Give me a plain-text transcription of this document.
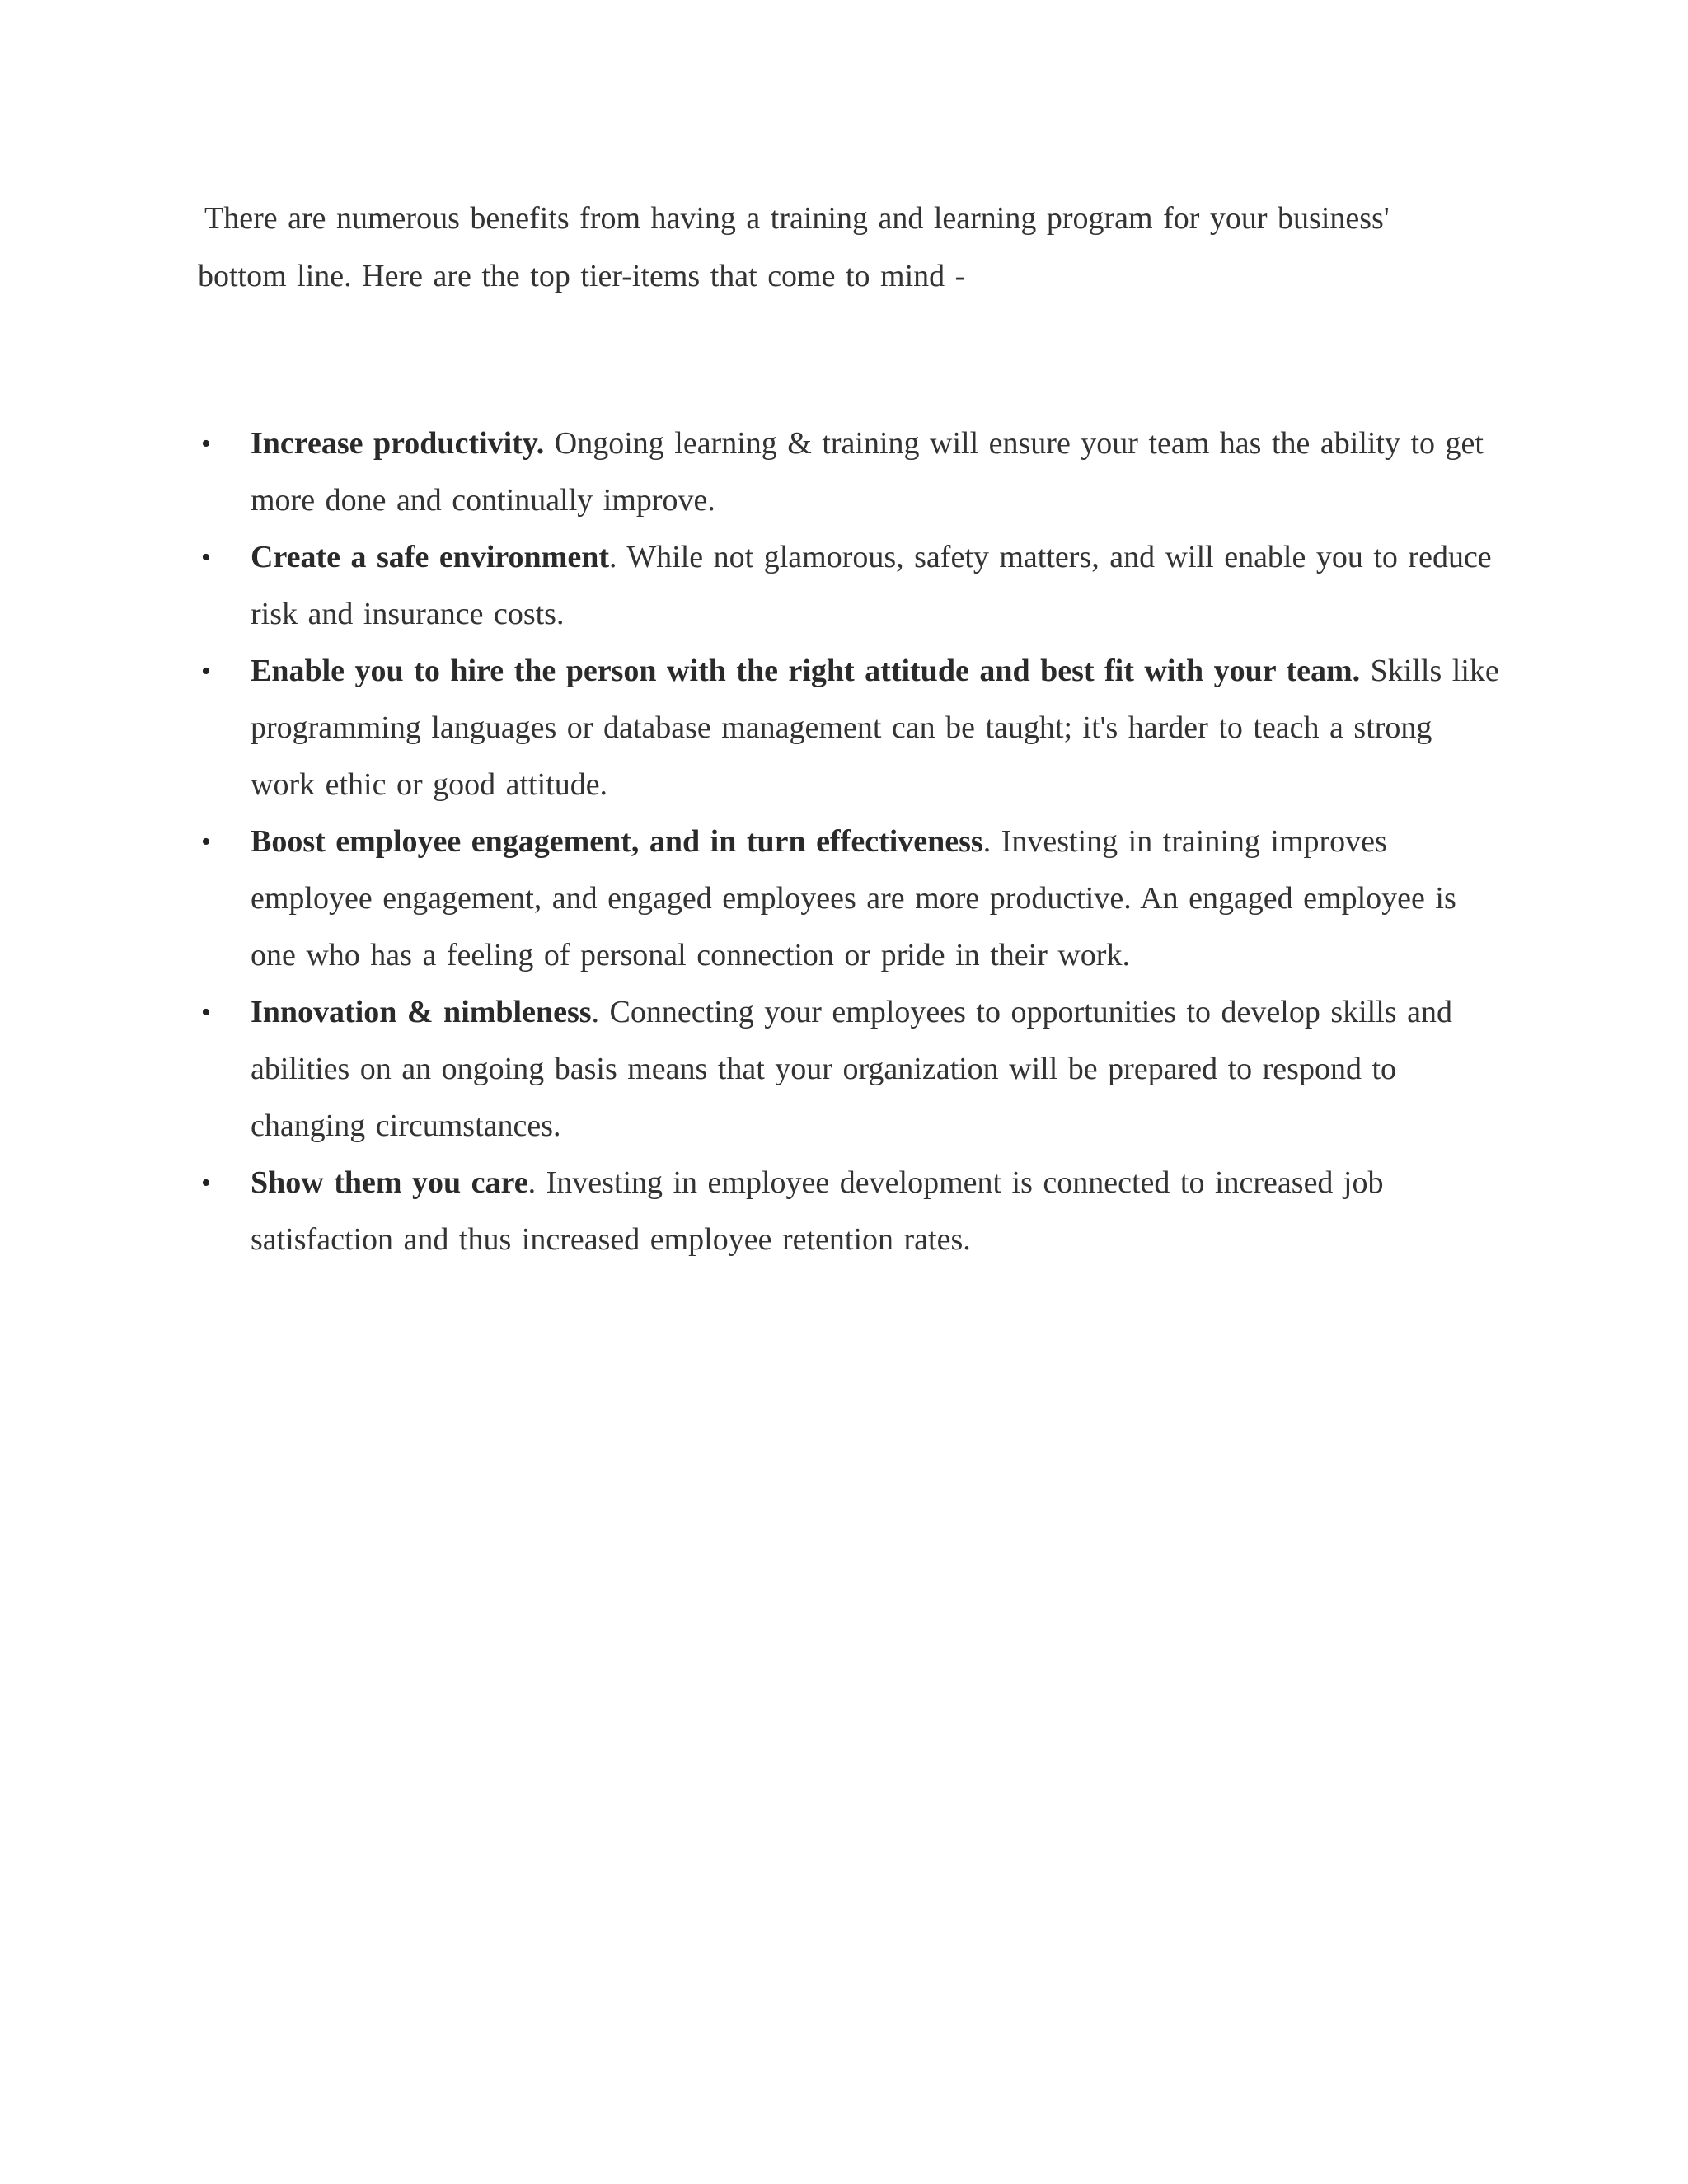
There are numerous benefits from having a training and learning program for your business'
bottom line. Here are the top tier-items that come to mind -
•	Increase productivity. Ongoing learning & training will ensure your team has the ability to get more done and continually improve.
•	Create a safe environment. While not glamorous, safety matters, and will enable you to reduce risk and insurance costs.
•	Enable you to hire the person with the right attitude and best fit with your team. Skills like programming languages or database management can be taught; it's harder to teach a strong work ethic or good attitude.
•	Boost employee engagement, and in turn effectiveness. Investing in training improves employee engagement, and engaged employees are more productive. An engaged employee is one who has a feeling of personal connection or pride in their work.
•	Innovation & nimbleness. Connecting your employees to opportunities to develop skills and abilities on an ongoing basis means that your organization will be prepared to respond to changing circumstances.
•	Show them you care. Investing in employee development is connected to increased job satisfaction and thus increased employee retention rates.
